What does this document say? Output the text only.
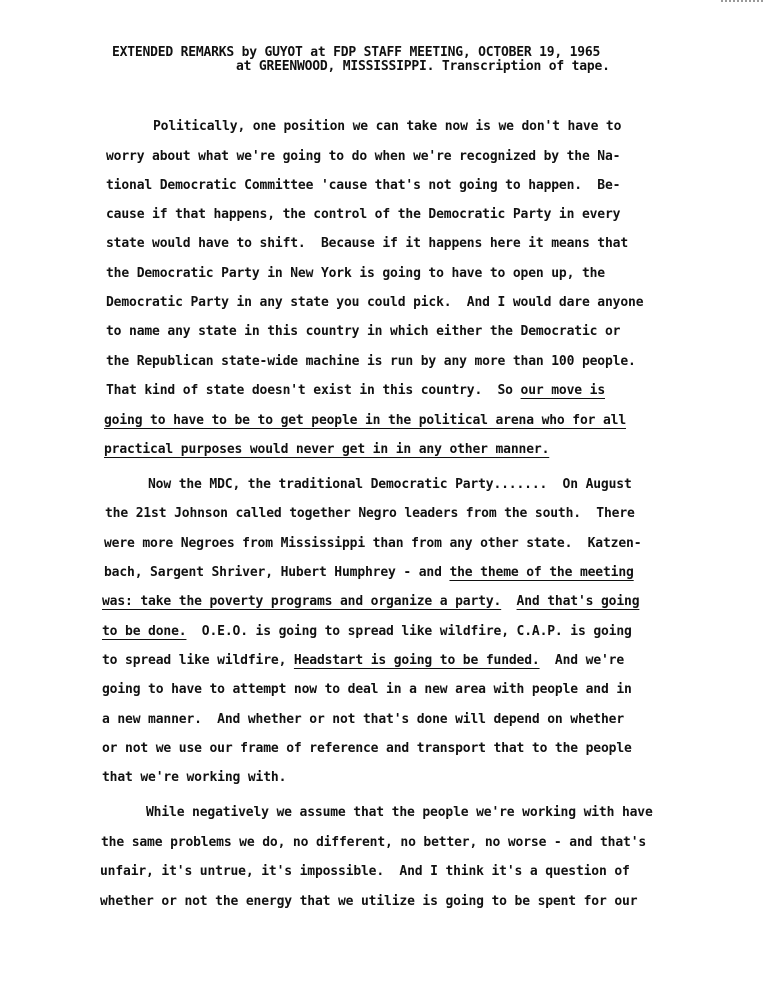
EXTENDED REMARKS by GUYOT at FDP STAFF MEETING, OCTOBER 19, 1965
at GREENWOOD, MISSISSIPPI. Transcription of tape.
Politically, one position we can take now is we don't have to
worry about what we're going to do when we're recognized by the Na-
tional Democratic Committee 'cause that's not going to happen.  Be-
cause if that happens, the control of the Democratic Party in every
state would have to shift.  Because if it happens here it means that
the Democratic Party in New York is going to have to open up, the
Democratic Party in any state you could pick.  And I would dare anyone
to name any state in this country in which either the Democratic or
the Republican state-wide machine is run by any more than 100 people.
That kind of state doesn't exist in this country.  So our move is
going to have to be to get people in the political arena who for all
practical purposes would never get in in any other manner.
Now the MDC, the traditional Democratic Party.......  On August
the 21st Johnson called together Negro leaders from the south.  There
were more Negroes from Mississippi than from any other state.  Katzen-
bach, Sargent Shriver, Hubert Humphrey - and the theme of the meeting
was: take the poverty programs and organize a party. And that's going
to be done.  O.E.O. is going to spread like wildfire, C.A.P. is going
to spread like wildfire, Headstart is going to be funded.  And we're
going to have to attempt now to deal in a new area with people and in
a new manner.  And whether or not that's done will depend on whether
or not we use our frame of reference and transport that to the people
that we're working with.
While negatively we assume that the people we're working with have
the same problems we do, no different, no better, no worse - and that's
unfair, it's untrue, it's impossible.  And I think it's a question of
whether or not the energy that we utilize is going to be spent for our
